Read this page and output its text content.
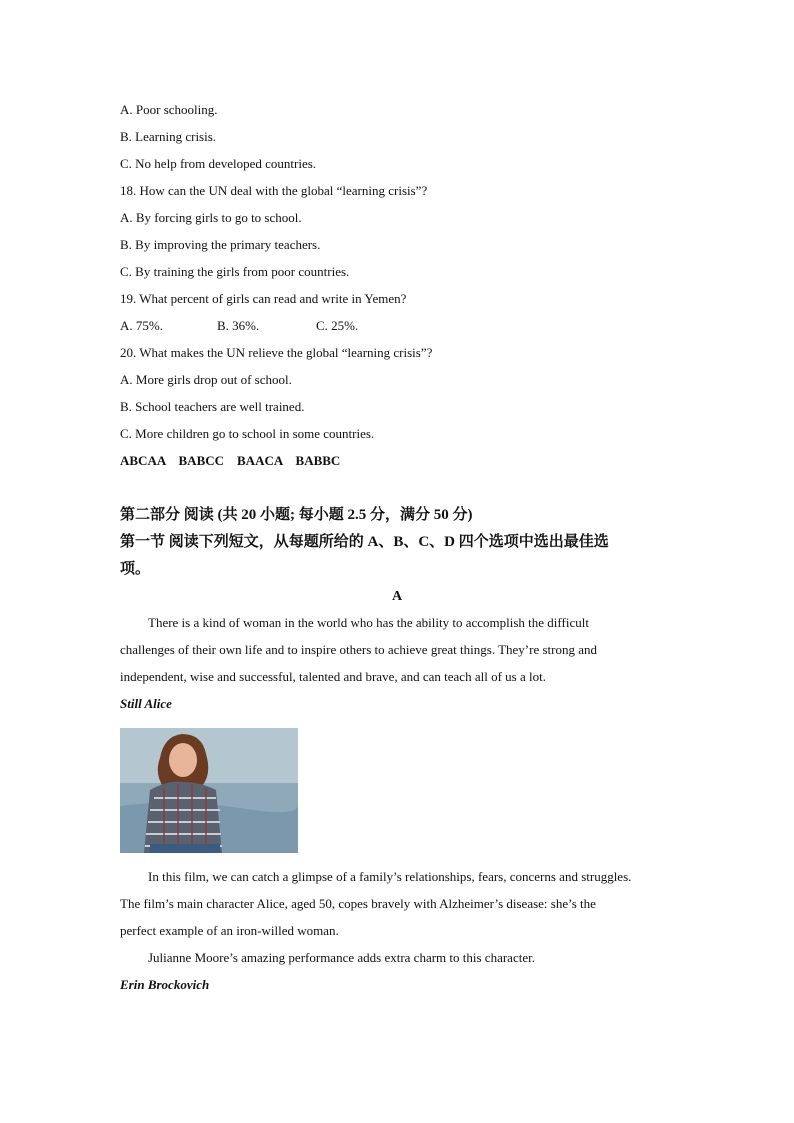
A. Poor schooling.
B. Learning crisis.
C. No help from developed countries.
18. How can the UN deal with the global “learning crisis”?
A. By forcing girls to go to school.
B. By improving the primary teachers.
C. By training the girls from poor countries.
19. What percent of girls can read and write in Yemen?
A. 75%.	B. 36%.	C. 25%.
20. What makes the UN relieve the global “learning crisis”?
A. More girls drop out of school.
B. School teachers are well trained.
C. More children go to school in some countries.
ABCAA    BABCC    BAACA    BABBC
第二部分 阅读 (共 20 小题; 每小题 2.5 分，满分 50 分)
第一节 阅读下列短文，从每题所给的 A、B、C、D 四个选项中选出最佳选
项。
A
There is a kind of woman in the world who has the ability to accomplish the difficult
challenges of their own life and to inspire others to achieve great things. They’re strong and
independent, wise and successful, talented and brave, and can teach all of us a lot.
Still Alice
In this film, we can catch a glimpse of a family’s relationships, fears, concerns and struggles.
The film’s main character Alice, aged 50, copes bravely with Alzheimer’s disease: she’s the
perfect example of an iron-willed woman.
Julianne Moore’s amazing performance adds extra charm to this character.
Erin Brockovich
